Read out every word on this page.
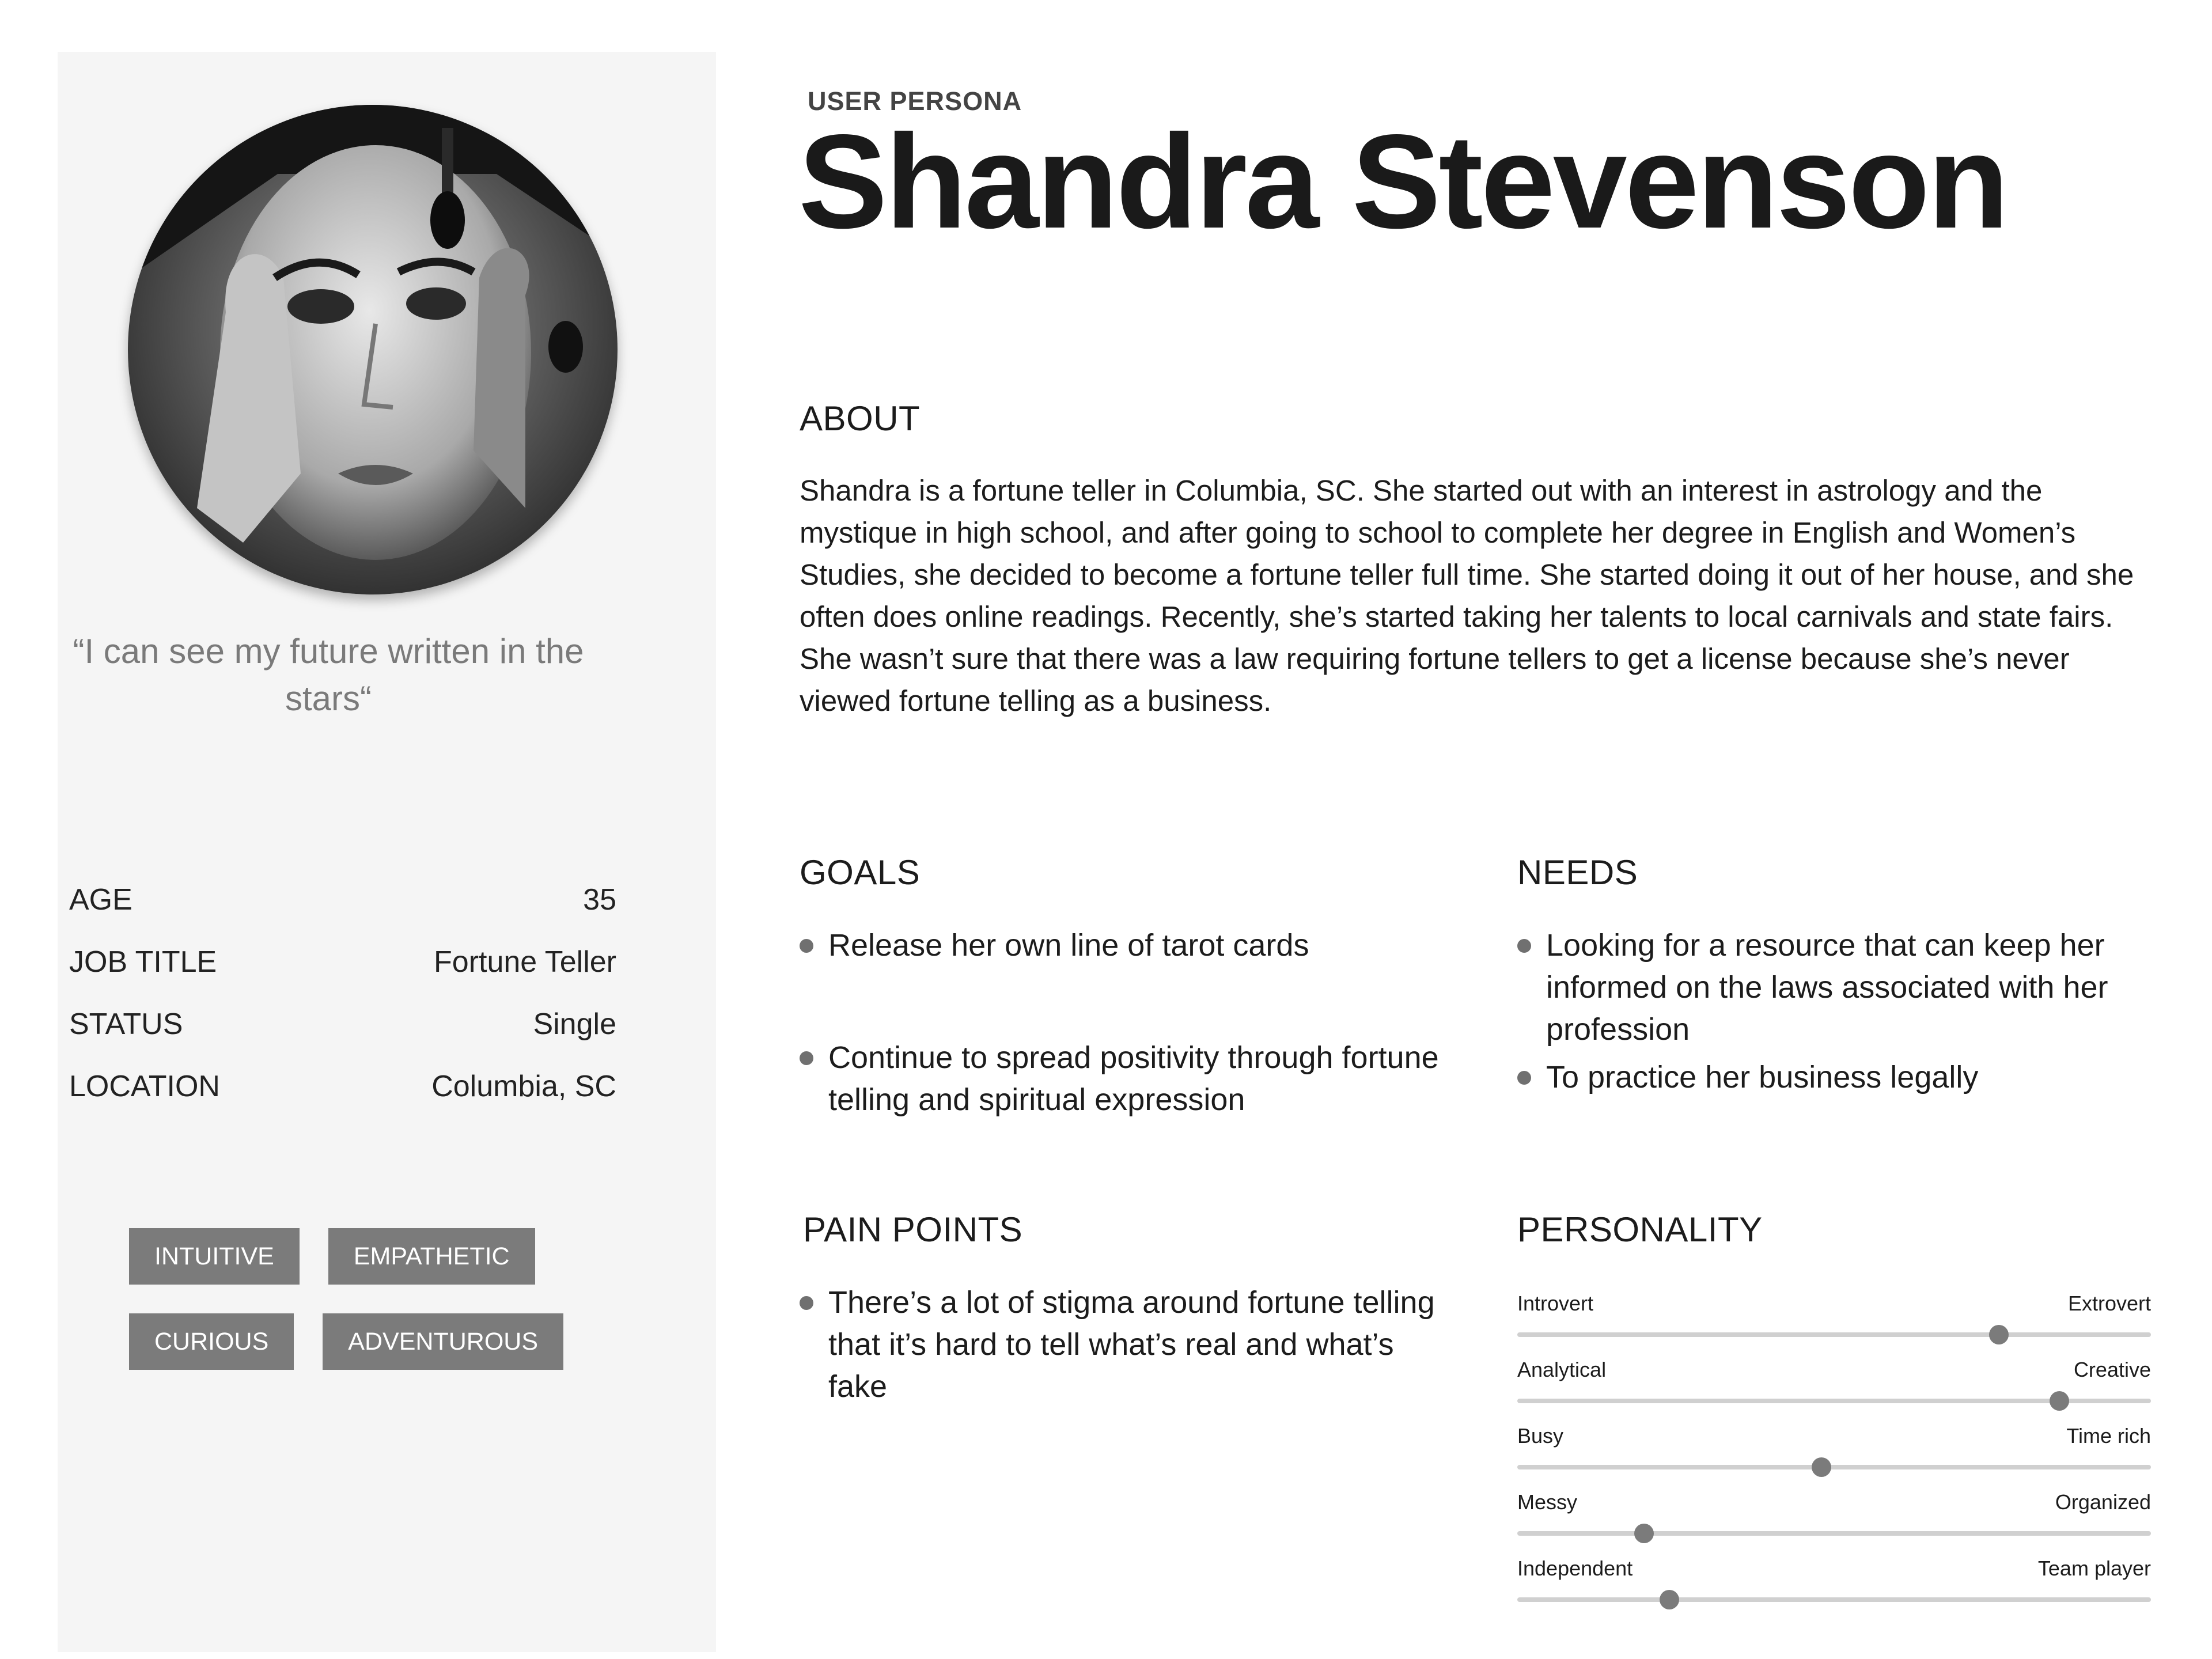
“I can see my future written in the stars“
AGE	35
JOB TITLE	Fortune Teller
STATUS	Single
LOCATION	Columbia, SC
INTUITIVE	EMPATHETIC
CURIOUS	ADVENTUROUS
USER PERSONA
Shandra Stevenson
ABOUT
Shandra is a fortune teller in Columbia, SC. She started out with an interest in astrology and the mystique in high school, and after going to school to complete her degree in English and Women’s Studies, she decided to become a fortune teller full time. She started doing it out of her house, and she often does online readings. Recently, she’s started taking her talents to local carnivals and state fairs. She wasn’t sure that there was a law requiring fortune tellers to get a license because she’s never viewed fortune telling as a business.
GOALS
Release her own line of tarot cards
Continue to spread positivity through fortune telling and spiritual expression
NEEDS
Looking for a resource that can keep her informed on the laws associated with her profession
To practice her business legally
PAIN POINTS
There’s a lot of stigma around fortune telling that it’s hard to tell what’s real and what’s fake
PERSONALITY
Introvert	Extrovert
Analytical	Creative
Busy	Time rich
Messy	Organized
Independent	Team player
